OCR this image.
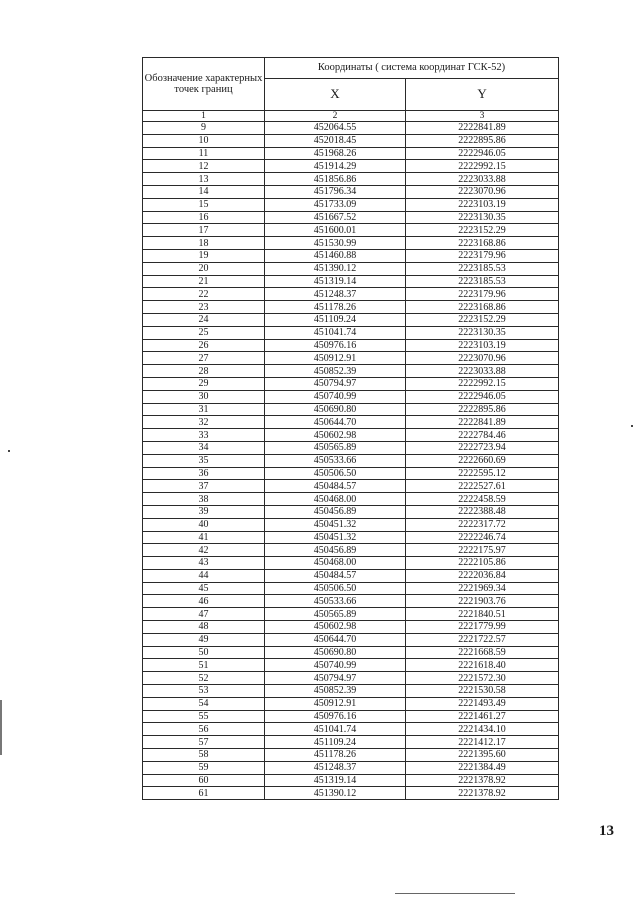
Обозначение характерных точек границ	Координаты ( система координат ГСК-52)	
	X	Y
1	2	3
9	452064.55	2222841.89
10	452018.45	2222895.86
11	451968.26	2222946.05
12	451914.29	2222992.15
13	451856.86	2223033.88
14	451796.34	2223070.96
15	451733.09	2223103.19
16	451667.52	2223130.35
17	451600.01	2223152.29
18	451530.99	2223168.86
19	451460.88	2223179.96
20	451390.12	2223185.53
21	451319.14	2223185.53
22	451248.37	2223179.96
23	451178.26	2223168.86
24	451109.24	2223152.29
25	451041.74	2223130.35
26	450976.16	2223103.19
27	450912.91	2223070.96
28	450852.39	2223033.88
29	450794.97	2222992.15
30	450740.99	2222946.05
31	450690.80	2222895.86
32	450644.70	2222841.89
33	450602.98	2222784.46
34	450565.89	2222723.94
35	450533.66	2222660.69
36	450506.50	2222595.12
37	450484.57	2222527.61
38	450468.00	2222458.59
39	450456.89	2222388.48
40	450451.32	2222317.72
41	450451.32	2222246.74
42	450456.89	2222175.97
43	450468.00	2222105.86
44	450484.57	2222036.84
45	450506.50	2221969.34
46	450533.66	2221903.76
47	450565.89	2221840.51
48	450602.98	2221779.99
49	450644.70	2221722.57
50	450690.80	2221668.59
51	450740.99	2221618.40
52	450794.97	2221572.30
53	450852.39	2221530.58
54	450912.91	2221493.49
55	450976.16	2221461.27
56	451041.74	2221434.10
57	451109.24	2221412.17
58	451178.26	2221395.60
59	451248.37	2221384.49
60	451319.14	2221378.92
61	451390.12	2221378.92
13
